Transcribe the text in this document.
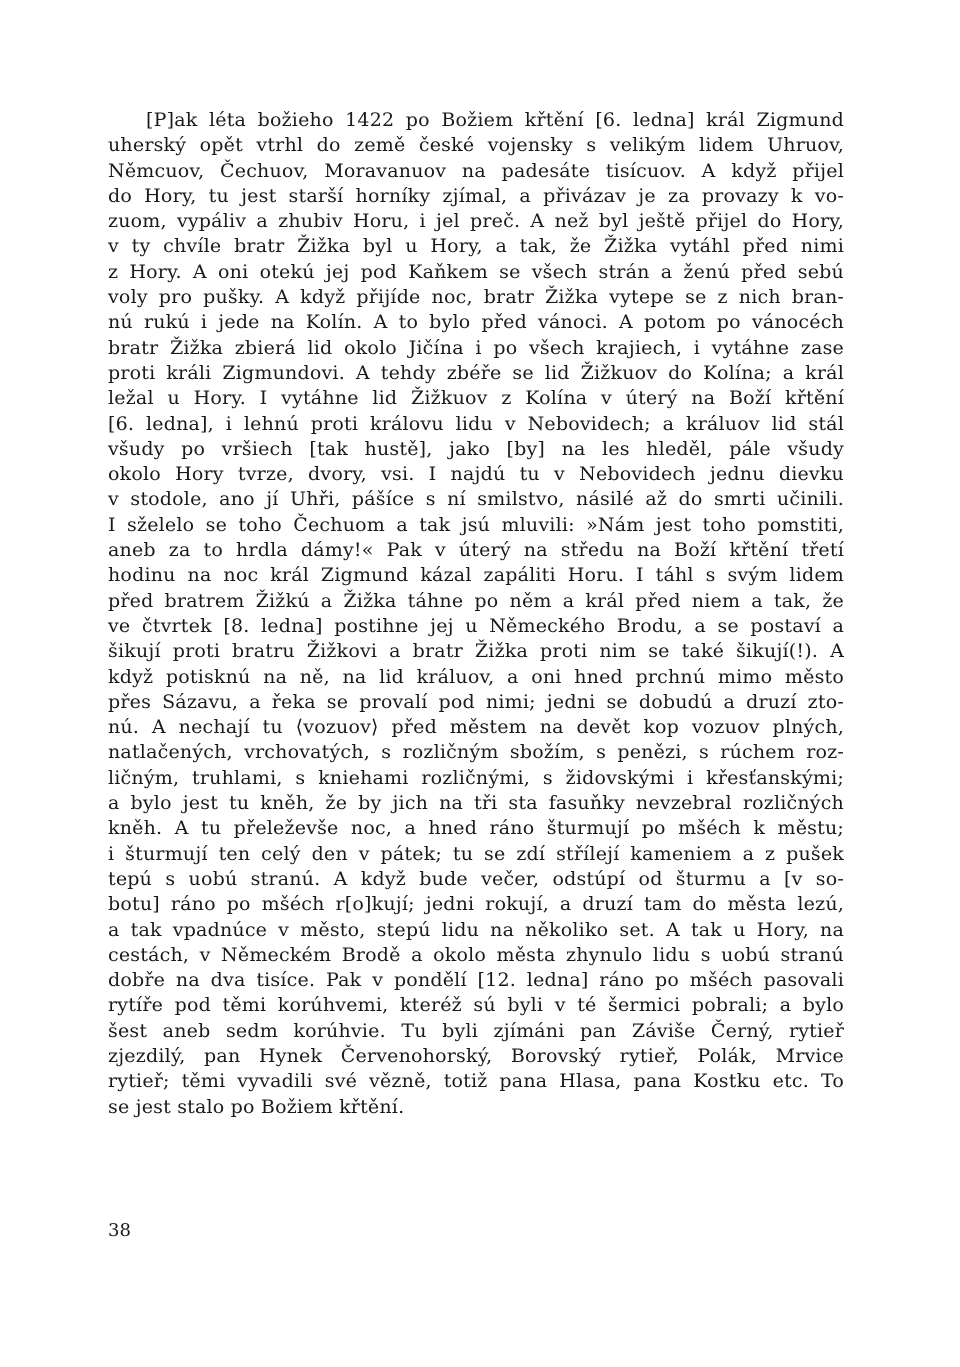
[P]ak léta božieho 1422 po Božiem křtění [6. ledna] král Zigmund
uherský opět vtrhl do země české vojensky s velikým lidem Uhruov,
Němcuov, Čechuov, Moravanuov na padesáte tisícuov. A když přijel
do Hory, tu jest starší horníky zjímal, a přivázav je za provazy k vo-
zuom, vypáliv a zhubiv Horu, i jel preč. A než byl ještě přijel do Hory,
v ty chvíle bratr Žižka byl u Hory, a tak, že Žižka vytáhl před nimi
z Hory. A oni otekú jej pod Kaňkem se všech strán a ženú před sebú
voly pro pušky. A když přijíde noc, bratr Žižka vytepe se z nich bran-
nú rukú i jede na Kolín. A to bylo před vánoci. A potom po vánocéch
bratr Žižka zbierá lid okolo Jičína i po všech krajiech, i vytáhne zase
proti králi Zigmundovi. A tehdy zbéře se lid Žižkuov do Kolína; a král
ležal u Hory. I vytáhne lid Žižkuov z Kolína v úterý na Boží křtění
[6. ledna], i lehnú proti královu lidu v Nebovidech; a králuov lid stál
všudy po vršiech [tak hustě], jako [by] na les hleděl, pále všudy
okolo Hory tvrze, dvory, vsi. I najdú tu v Nebovidech jednu dievku
v stodole, ano jí Uhři, pášíce s ní smilstvo, násilé až do smrti učinili.
I sželelo se toho Čechuom a tak jsú mluvili: »Nám jest toho pomstiti,
aneb za to hrdla dámy!« Pak v úterý na středu na Boží křtění třetí
hodinu na noc král Zigmund kázal zapáliti Horu. I táhl s svým lidem
před bratrem Žižkú a Žižka táhne po něm a král před niem a tak, že
ve čtvrtek [8. ledna] postihne jej u Německého Brodu, a se postaví a
šikují proti bratru Žižkovi a bratr Žižka proti nim se také šikují(!). A
když potisknú na ně, na lid králuov, a oni hned prchnú mimo město
přes Sázavu, a řeka se provalí pod nimi; jedni se dobudú a druzí zto-
nú. A nechají tu ⟨vozuov⟩ před městem na devět kop vozuov plných,
natlačených, vrchovatých, s rozličným sbožím, s penězi, s rúchem roz-
ličným, truhlami, s kniehami rozličnými, s židovskými i křesťanskými;
a bylo jest tu kněh, že by jich na tři sta fasuňky nevzebral rozličných
kněh. A tu přeleževše noc, a hned ráno šturmují po mšéch k městu;
i šturmují ten celý den v pátek; tu se zdí střílejí kameniem a z pušek
tepú s uobú stranú. A když bude večer, odstúpí od šturmu a [v so-
botu] ráno po mšéch r[o]kují; jedni rokují, a druzí tam do města lezú,
a tak vpadnúce v město, stepú lidu na několiko set. A tak u Hory, na
cestách, v Německém Brodě a okolo města zhynulo lidu s uobú stranú
dobře na dva tisíce. Pak v pondělí [12. ledna] ráno po mšéch pasovali
rytíře pod těmi korúhvemi, kteréž sú byli v té šermici pobrali; a bylo
šest aneb sedm korúhvie. Tu byli zjímáni pan Záviše Černý, rytieř
zjezdilý, pan Hynek Červenohorský, Borovský rytieř, Polák, Mrvice
rytieř; těmi vyvadili své vězně, totiž pana Hlasa, pana Kostku etc. To
se jest stalo po Božiem křtění.
38
